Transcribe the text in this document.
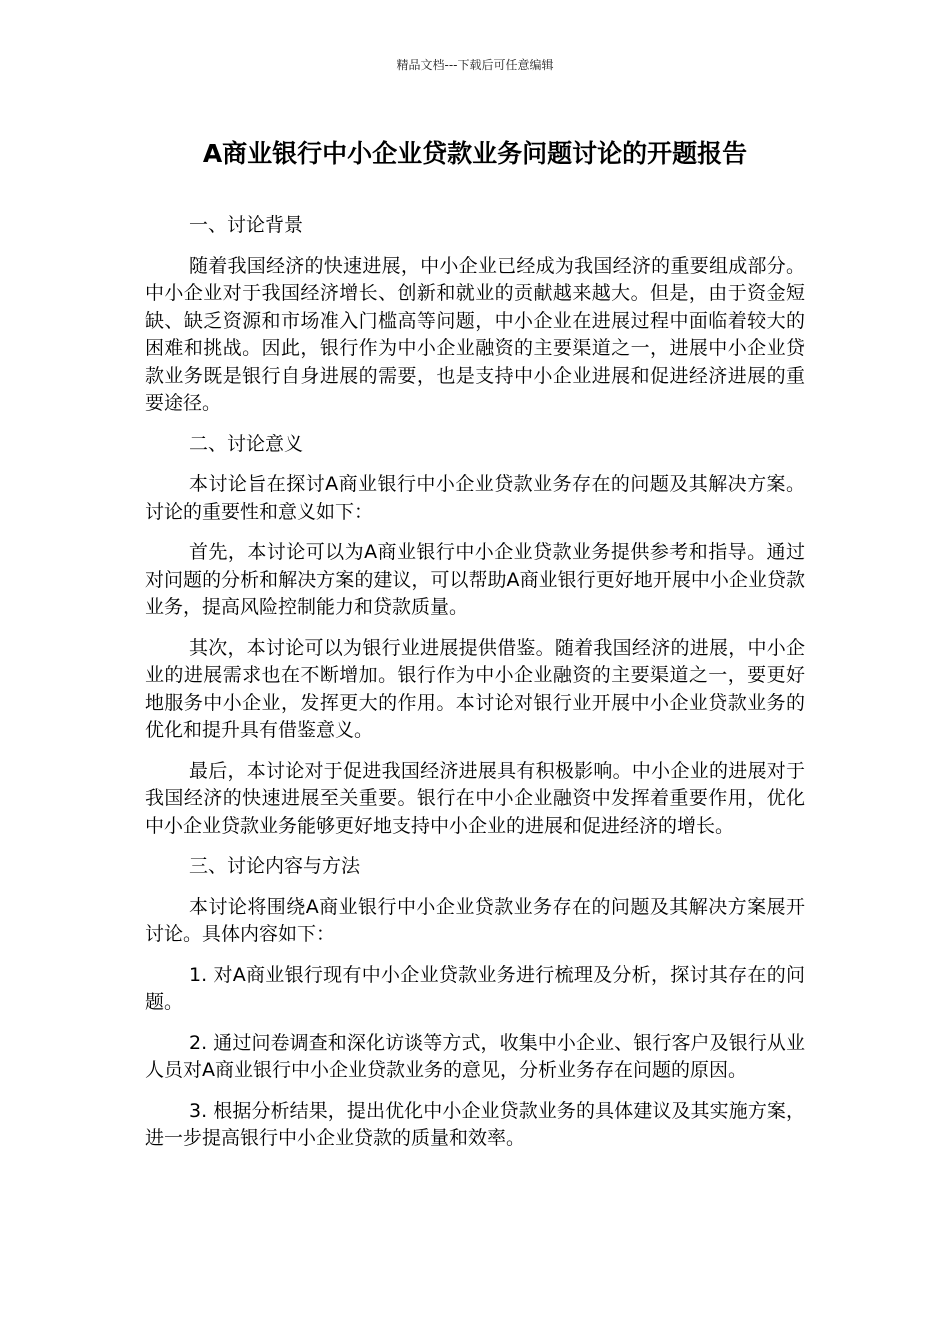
精品文档---下载后可任意编辑
A商业银行中小企业贷款业务问题讨论的开题报告

一、讨论背景

随着我国经济的快速进展，中小企业已经成为我国经济的重要组成部分。中小企业对于我国经济增长、创新和就业的贡献越来越大。但是，由于资金短缺、缺乏资源和市场准入门槛高等问题，中小企业在进展过程中面临着较大的困难和挑战。因此，银行作为中小企业融资的主要渠道之一，进展中小企业贷款业务既是银行自身进展的需要，也是支持中小企业进展和促进经济进展的重要途径。

二、讨论意义

本讨论旨在探讨A商业银行中小企业贷款业务存在的问题及其解决方案。讨论的重要性和意义如下：

首先，本讨论可以为A商业银行中小企业贷款业务提供参考和指导。通过对问题的分析和解决方案的建议，可以帮助A商业银行更好地开展中小企业贷款业务，提高风险控制能力和贷款质量。

其次，本讨论可以为银行业进展提供借鉴。随着我国经济的进展，中小企业的进展需求也在不断增加。银行作为中小企业融资的主要渠道之一，要更好地服务中小企业，发挥更大的作用。本讨论对银行业开展中小企业贷款业务的优化和提升具有借鉴意义。

最后，本讨论对于促进我国经济进展具有积极影响。中小企业的进展对于我国经济的快速进展至关重要。银行在中小企业融资中发挥着重要作用，优化中小企业贷款业务能够更好地支持中小企业的进展和促进经济的增长。

三、讨论内容与方法

本讨论将围绕A商业银行中小企业贷款业务存在的问题及其解决方案展开讨论。具体内容如下：

1. 对A商业银行现有中小企业贷款业务进行梳理及分析，探讨其存在的问题。

2. 通过问卷调查和深化访谈等方式，收集中小企业、银行客户及银行从业人员对A商业银行中小企业贷款业务的意见，分析业务存在问题的原因。

3. 根据分析结果，提出优化中小企业贷款业务的具体建议及其实施方案，进一步提高银行中小企业贷款的质量和效率。
